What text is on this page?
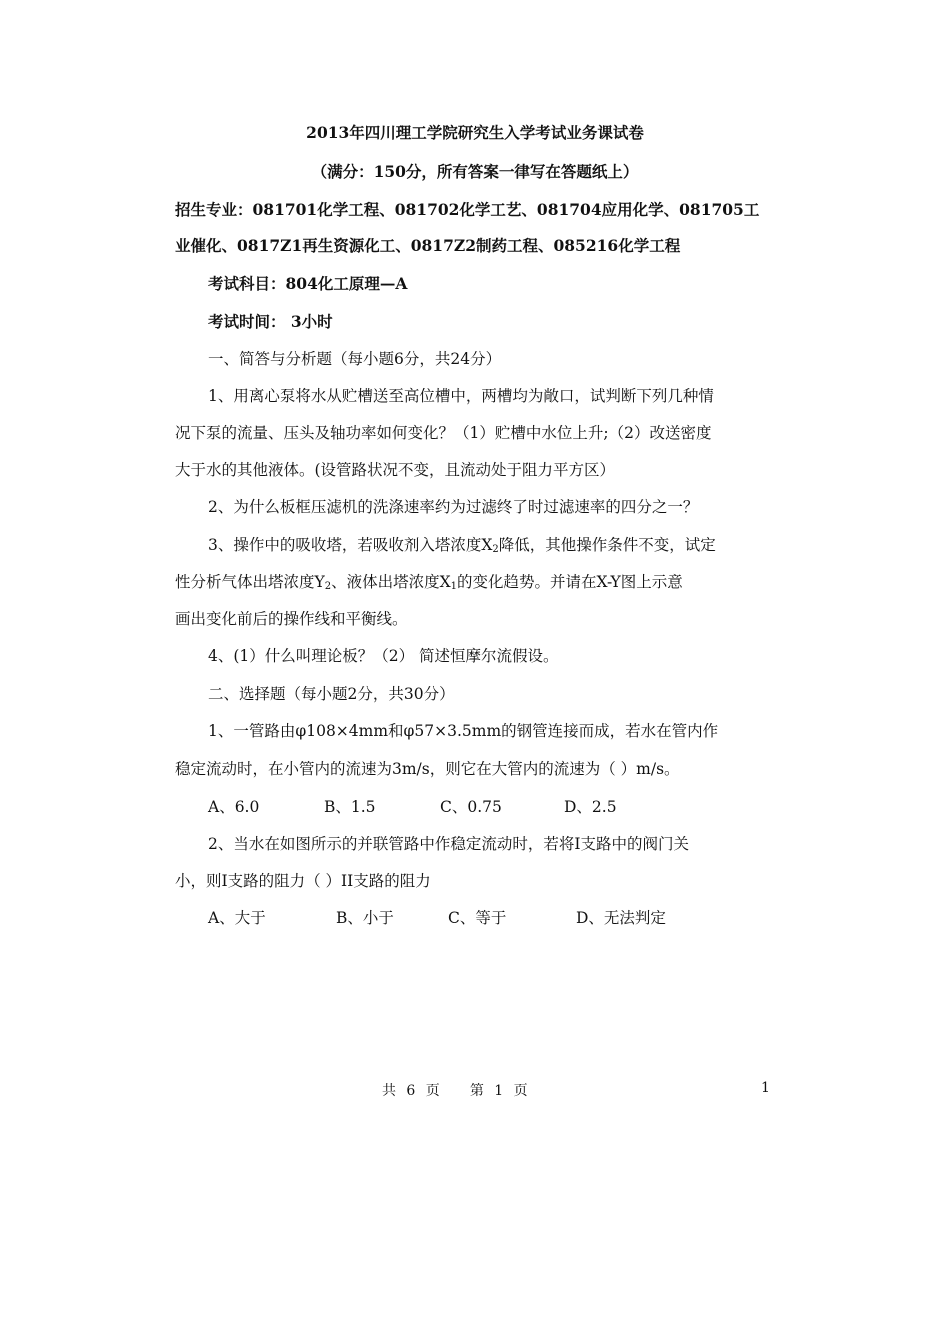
2013年四川理工学院研究生入学考试业务课试卷
（满分：150分，所有答案一律写在答题纸上）
招生专业：081701化学工程、081702化学工艺、081704应用化学、081705工
业催化、0817Z1再生资源化工、0817Z2制药工程、085216化学工程
考试科目：804化工原理—A
考试时间： 3小时
一、简答与分析题（每小题6分，共24分）
1、用离心泵将水从贮槽送至高位槽中，两槽均为敞口，试判断下列几种情
况下泵的流量、压头及轴功率如何变化？（1）贮槽中水位上升;（2）改送密度
大于水的其他液体。(设管路状况不变，且流动处于阻力平方区）
2、为什么板框压滤机的洗涤速率约为过滤终了时过滤速率的四分之一？
3、操作中的吸收塔，若吸收剂入塔浓度$X_2$降低，其他操作条件不变，试定
性分析气体出塔浓度$Y_2$、液体出塔浓度$X_1$的变化趋势。并请在X-Y图上示意
画出变化前后的操作线和平衡线。
4、(1）什么叫理论板？（2） 简述恒摩尔流假设。
二、选择题（每小题2分，共30分）
1、一管路由φ108×4mm和φ57×3.5mm的钢管连接而成，若水在管内作
稳定流动时，在小管内的流速为3m/s，则它在大管内的流速为（ ）m/s。
A、6.0	B、1.5	C、0.75	D、2.5
2、当水在如图所示的并联管路中作稳定流动时，若将I支路中的阀门关
小，则I支路的阻力（ ）II支路的阻力
A、大于	B、小于	C、等于	D、无法判定
共  6  页      第  1  页	1
